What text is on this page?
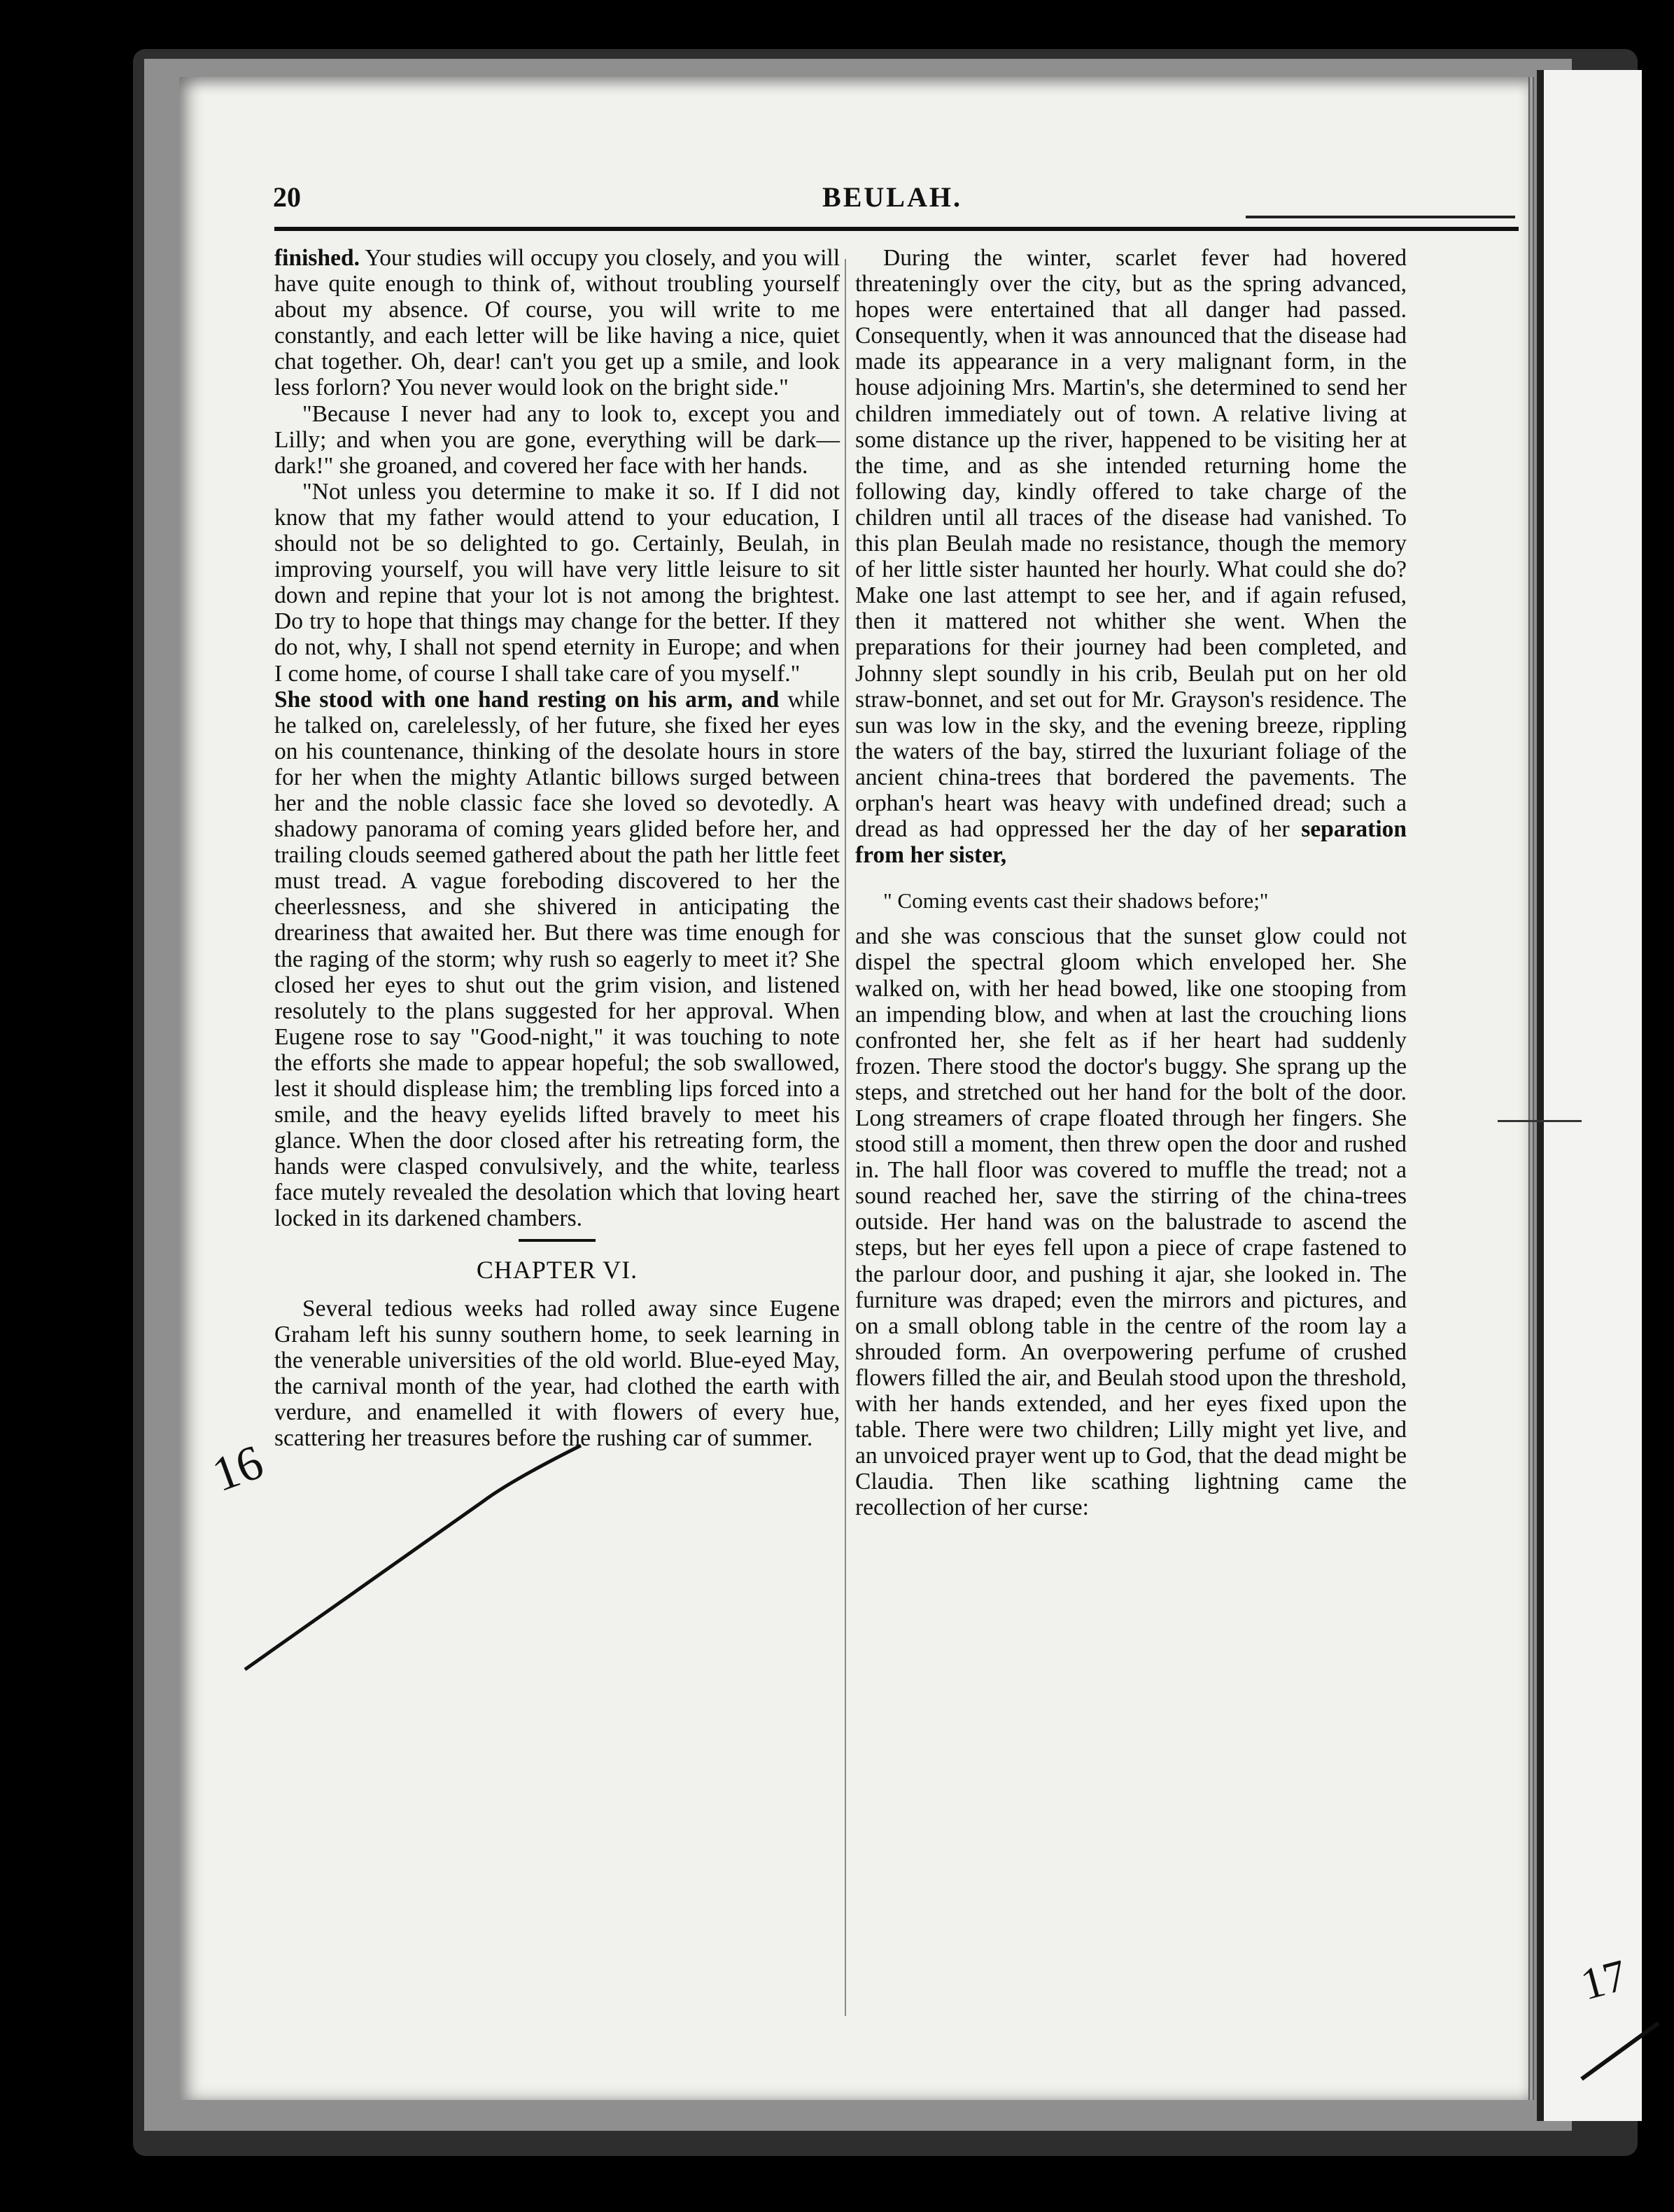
20	BEULAH.

finished. Your studies will occupy you closely, and you will have quite enough to think of, without troubling yourself about my absence. Of course, you will write to me constantly, and each letter will be like having a nice, quiet chat together. Oh, dear! can't you get up a smile, and look less forlorn? You never would look on the bright side."

"Because I never had any to look to, except you and Lilly; and when you are gone, everything will be dark—dark!" she groaned, and covered her face with her hands.

"Not unless you determine to make it so. If I did not know that my father would attend to your education, I should not be so delighted to go. Certainly, Beulah, in improving yourself, you will have very little leisure to sit down and repine that your lot is not among the brightest. Do try to hope that things may change for the better. If they do not, why, I shall not spend eternity in Europe; and when I come home, of course I shall take care of you myself."

She stood with one hand resting on his arm, and while he talked on, carelelessly, of her future, she fixed her eyes on his countenance, thinking of the desolate hours in store for her when the mighty Atlantic billows surged between her and the noble classic face she loved so devotedly. A shadowy panorama of coming years glided before her, and trailing clouds seemed gathered about the path her little feet must tread. A vague foreboding discovered to her the cheerlessness, and she shivered in anticipating the dreariness that awaited her. But there was time enough for the raging of the storm; why rush so eagerly to meet it? She closed her eyes to shut out the grim vision, and listened resolutely to the plans suggested for her approval. When Eugene rose to say "Good-night," it was touching to note the efforts she made to appear hopeful; the sob swallowed, lest it should displease him; the trembling lips forced into a smile, and the heavy eyelids lifted bravely to meet his glance. When the door closed after his retreating form, the hands were clasped convulsively, and the white, tearless face mutely revealed the desolation which that loving heart locked in its darkened chambers.

CHAPTER VI.

Several tedious weeks had rolled away since Eugene Graham left his sunny southern home, to seek learning in the venerable universities of the old world. Blue-eyed May, the carnival month of the year, had clothed the earth with verdure, and enamelled it with flowers of every hue, scattering her treasures before the rushing car of summer.

During the winter, scarlet fever had hovered threateningly over the city, but as the spring advanced, hopes were entertained that all danger had passed. Consequently, when it was announced that the disease had made its appearance in a very malignant form, in the house adjoining Mrs. Martin's, she determined to send her children immediately out of town. A relative living at some distance up the river, happened to be visiting her at the time, and as she intended returning home the following day, kindly offered to take charge of the children until all traces of the disease had vanished. To this plan Beulah made no resistance, though the memory of her little sister haunted her hourly. What could she do? Make one last attempt to see her, and if again refused, then it mattered not whither she went. When the preparations for their journey had been completed, and Johnny slept soundly in his crib, Beulah put on her old straw-bonnet, and set out for Mr. Grayson's residence. The sun was low in the sky, and the evening breeze, rippling the waters of the bay, stirred the luxuriant foliage of the ancient china-trees that bordered the pavements. The orphan's heart was heavy with undefined dread; such a dread as had oppressed her the day of her separation from her sister,

" Coming events cast their shadows before;"

and she was conscious that the sunset glow could not dispel the spectral gloom which enveloped her. She walked on, with her head bowed, like one stooping from an impending blow, and when at last the crouching lions confronted her, she felt as if her heart had suddenly frozen. There stood the doctor's buggy. She sprang up the steps, and stretched out her hand for the bolt of the door. Long streamers of crape floated through her fingers. She stood still a moment, then threw open the door and rushed in. The hall floor was covered to muffle the tread; not a sound reached her, save the stirring of the china-trees outside. Her hand was on the balustrade to ascend the steps, but her eyes fell upon a piece of crape fastened to the parlour door, and pushing it ajar, she looked in. The furniture was draped; even the mirrors and pictures, and on a small oblong table in the centre of the room lay a shrouded form. An overpowering perfume of crushed flowers filled the air, and Beulah stood upon the threshold, with her hands extended, and her eyes fixed upon the table. There were two children; Lilly might yet live, and an unvoiced prayer went up to God, that the dead might be Claudia. Then like scathing lightning came the recollection of her curse:

16
17
